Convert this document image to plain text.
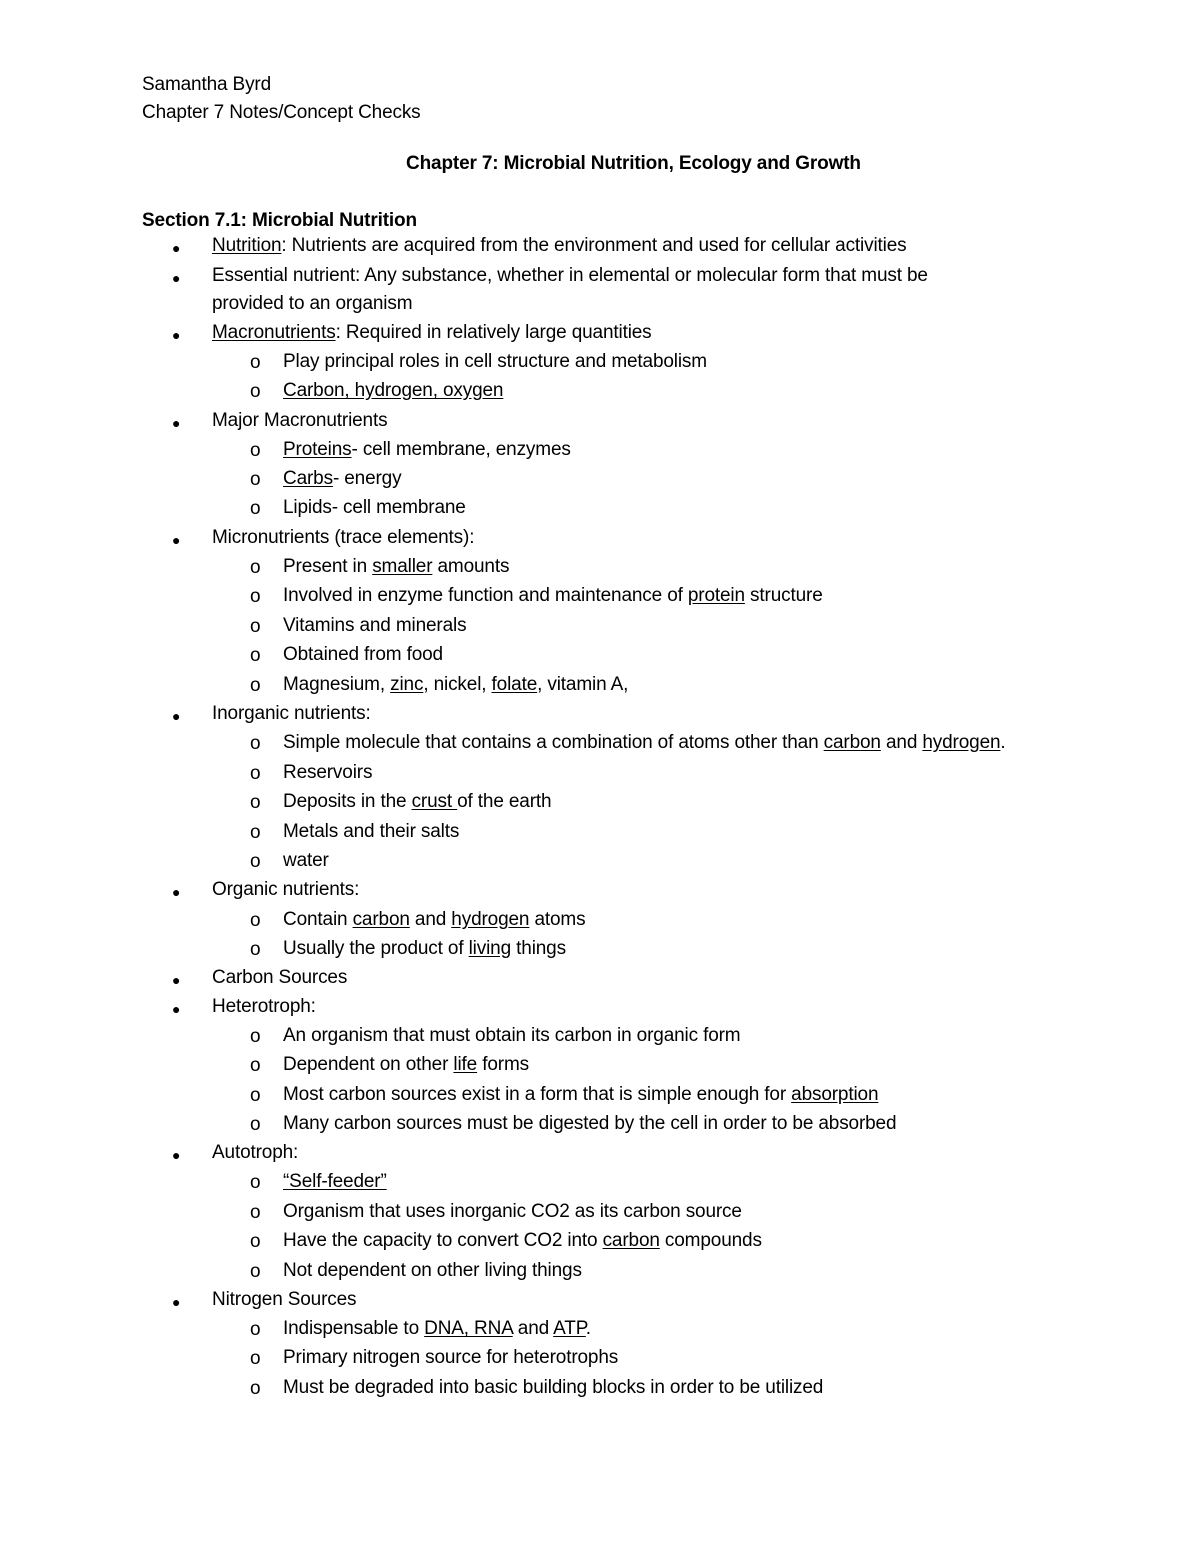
Samantha Byrd
Chapter 7 Notes/Concept Checks
Chapter 7: Microbial Nutrition, Ecology and Growth
Section 7.1: Microbial Nutrition
● Nutrition: Nutrients are acquired from the environment and used for cellular activities
● Essential nutrient: Any substance, whether in elemental or molecular form that must be
provided to an organism
● Macronutrients: Required in relatively large quantities
o Play principal roles in cell structure and metabolism
o Carbon, hydrogen, oxygen
● Major Macronutrients
o Proteins- cell membrane, enzymes
o Carbs- energy
o Lipids- cell membrane
● Micronutrients (trace elements):
o Present in smaller amounts
o Involved in enzyme function and maintenance of protein structure
o Vitamins and minerals
o Obtained from food
o Magnesium, zinc, nickel, folate, vitamin A,
● Inorganic nutrients:
o Simple molecule that contains a combination of atoms other than carbon and hydrogen.
o Reservoirs
o Deposits in the crust of the earth
o Metals and their salts
o water
● Organic nutrients:
o Contain carbon and hydrogen atoms
o Usually the product of living things
● Carbon Sources
● Heterotroph:
o An organism that must obtain its carbon in organic form
o Dependent on other life forms
o Most carbon sources exist in a form that is simple enough for absorption
o Many carbon sources must be digested by the cell in order to be absorbed
● Autotroph:
o “Self-feeder”
o Organism that uses inorganic CO2 as its carbon source
o Have the capacity to convert CO2 into carbon compounds
o Not dependent on other living things
● Nitrogen Sources
o Indispensable to DNA, RNA and ATP.
o Primary nitrogen source for heterotrophs
o Must be degraded into basic building blocks in order to be utilized
